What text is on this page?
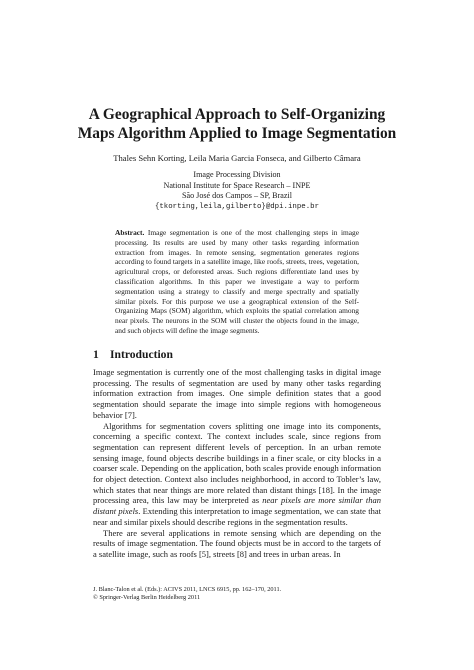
A Geographical Approach to Self-Organizing
Maps Algorithm Applied to Image Segmentation
Thales Sehn Korting, Leila Maria Garcia Fonseca, and Gilberto Câmara
Image Processing Division
National Institute for Space Research – INPE
São José dos Campos – SP, Brazil
{tkorting,leila,gilberto}@dpi.inpe.br
Abstract. Image segmentation is one of the most challenging steps in image processing. Its results are used by many other tasks regarding information extraction from images. In remote sensing, segmentation generates regions according to found targets in a satellite image, like roofs, streets, trees, vegetation, agricultural crops, or deforested areas. Such regions differentiate land uses by classification algorithms. In this paper we investigate a way to perform segmentation using a strategy to classify and merge spectrally and spatially similar pixels. For this purpose we use a geographical extension of the Self-Organizing Maps (SOM) algorithm, which exploits the spatial correlation among near pixels. The neurons in the SOM will cluster the objects found in the image, and such objects will define the image segments.
1 Introduction

Image segmentation is currently one of the most challenging tasks in digital image processing. The results of segmentation are used by many other tasks regarding information extraction from images. One simple definition states that a good segmentation should separate the image into simple regions with homogeneous behavior [7].

Algorithms for segmentation covers splitting one image into its components, concerning a specific context. The context includes scale, since regions from segmentation can represent different levels of perception. In an urban remote sensing image, found objects describe buildings in a finer scale, or city blocks in a coarser scale. Depending on the application, both scales provide enough information for object detection. Context also includes neighborhood, in accord to Tobler’s law, which states that near things are more related than distant things [18]. In the image processing area, this law may be interpreted as near pixels are more similar than distant pixels. Extending this interpretation to image segmentation, we can state that near and similar pixels should describe regions in the segmentation results.

There are several applications in remote sensing which are depending on the results of image segmentation. The found objects must be in accord to the targets of a satellite image, such as roofs [5], streets [8] and trees in urban areas. In

J. Blanc-Talon et al. (Eds.): ACIVS 2011, LNCS 6915, pp. 162–170, 2011.
© Springer-Verlag Berlin Heidelberg 2011
